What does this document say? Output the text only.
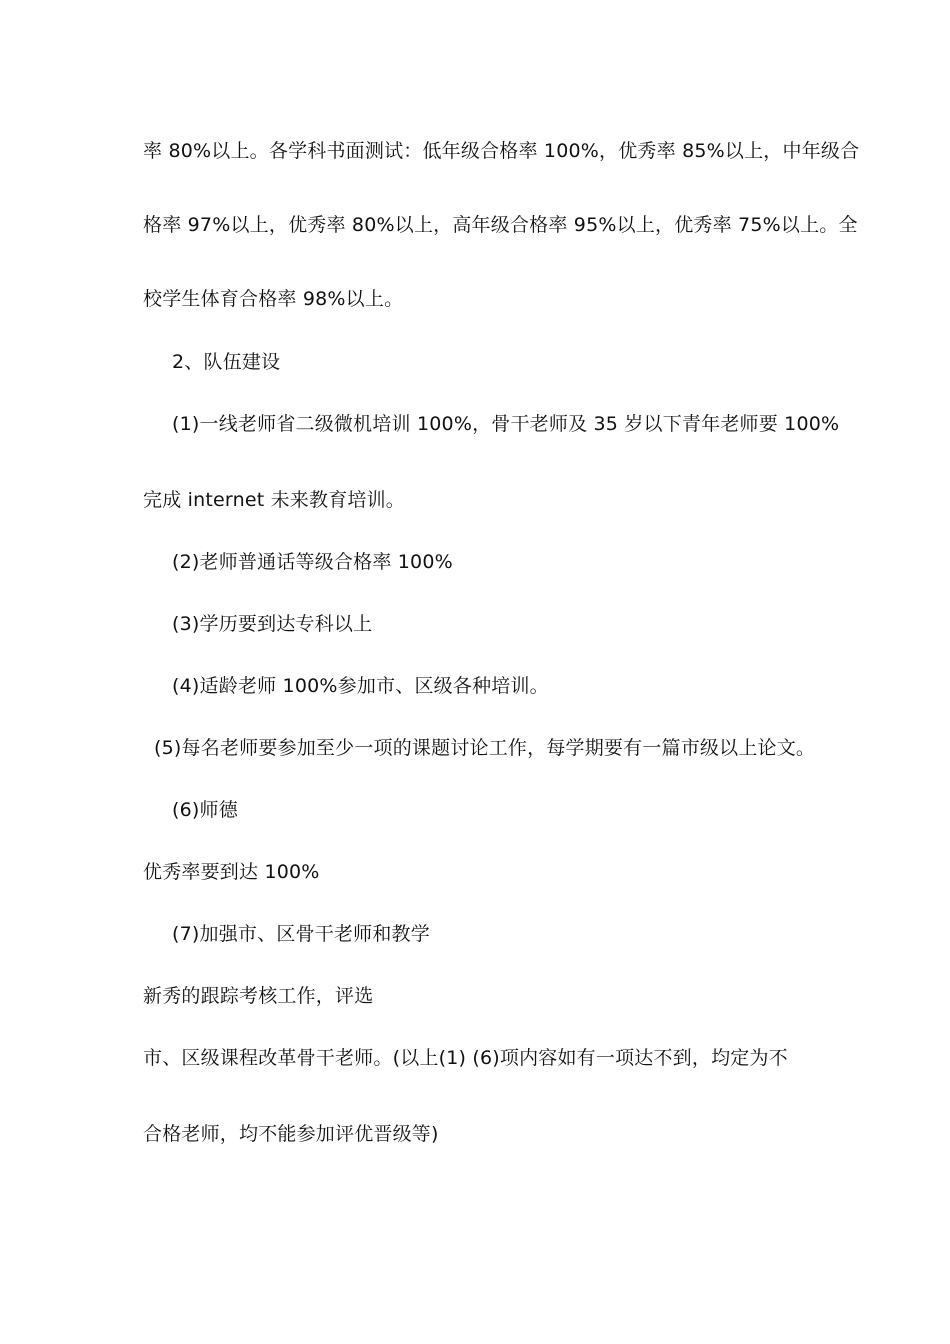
率 80%以上。各学科书面测试：低年级合格率 100%，优秀率 85%以上，中年级合
格率 97%以上，优秀率 80%以上，高年级合格率 95%以上，优秀率 75%以上。全
校学生体育合格率 98%以上。
2、队伍建设
(1)一线老师省二级微机培训 100%，骨干老师及 35 岁以下青年老师要 100%
完成 internet 未来教育培训。
(2)老师普通话等级合格率 100%
(3)学历要到达专科以上
(4)适龄老师 100%参加市、区级各种培训。
(5)每名老师要参加至少一项的课题讨论工作，每学期要有一篇市级以上论文。
(6)师德
优秀率要到达 100%
(7)加强市、区骨干老师和教学
新秀的跟踪考核工作，评选
市、区级课程改革骨干老师。(以上(1) (6)项内容如有一项达不到，均定为不
合格老师，均不能参加评优晋级等)
